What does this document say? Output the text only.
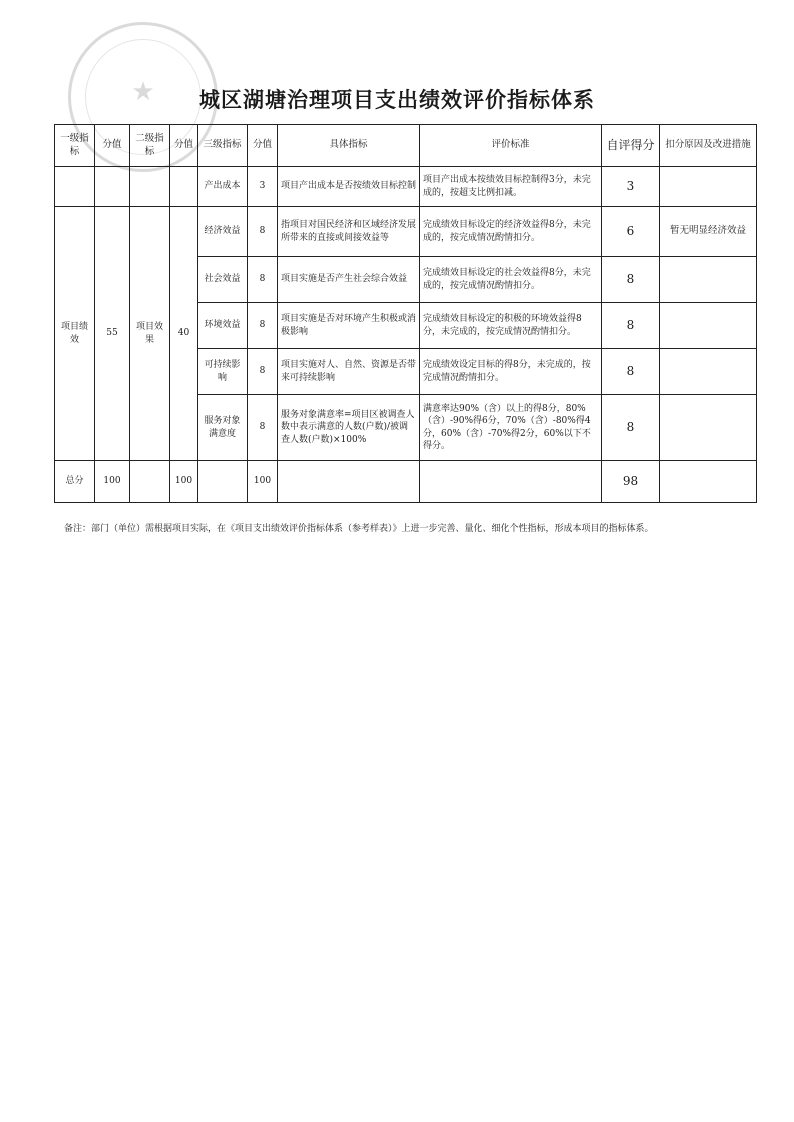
★	城区湖塘治理项目支出绩效评价指标体系
一级指标	分值	二级指标	分值	三级指标	分值	具体指标	评价标准	自评得分	扣分原因及改进措施
				产出成本	3	项目产出成本是否按绩效目标控制	项目产出成本按绩效目标控制得3分，未完成的，按超支比例扣减。	3	
项目绩效	55	项目效果	40	经济效益	8	指项目对国民经济和区域经济发展所带来的直接或间接效益等	完成绩效目标设定的经济效益得8分，未完成的，按完成情况酌情扣分。	6	暂无明显经济效益
				社会效益	8	项目实施是否产生社会综合效益	完成绩效目标设定的社会效益得8分，未完成的，按完成情况酌情扣分。	8	
				环境效益	8	项目实施是否对环境产生积极或消极影响	完成绩效目标设定的积极的环境效益得8分，未完成的，按完成情况酌情扣分。	8	
				可持续影响	8	项目实施对人、自然、资源是否带来可持续影响	完成绩效设定目标的得8分，未完成的，按完成情况酌情扣分。	8	
				服务对象满意度	8	服务对象满意率=项目区被调查人数中表示满意的人数(户数)/被调查人数(户数)×100%	满意率达90%（含）以上的得8分，80%（含）-90%得6分，70%（含）-80%得4分，60%（含）-70%得2分，60%以下不得分。	8	
总分	100		100		100			98	
备注：部门（单位）需根据项目实际，在《项目支出绩效评价指标体系（参考样表）》上进一步完善、量化、细化个性指标，形成本项目的指标体系。
